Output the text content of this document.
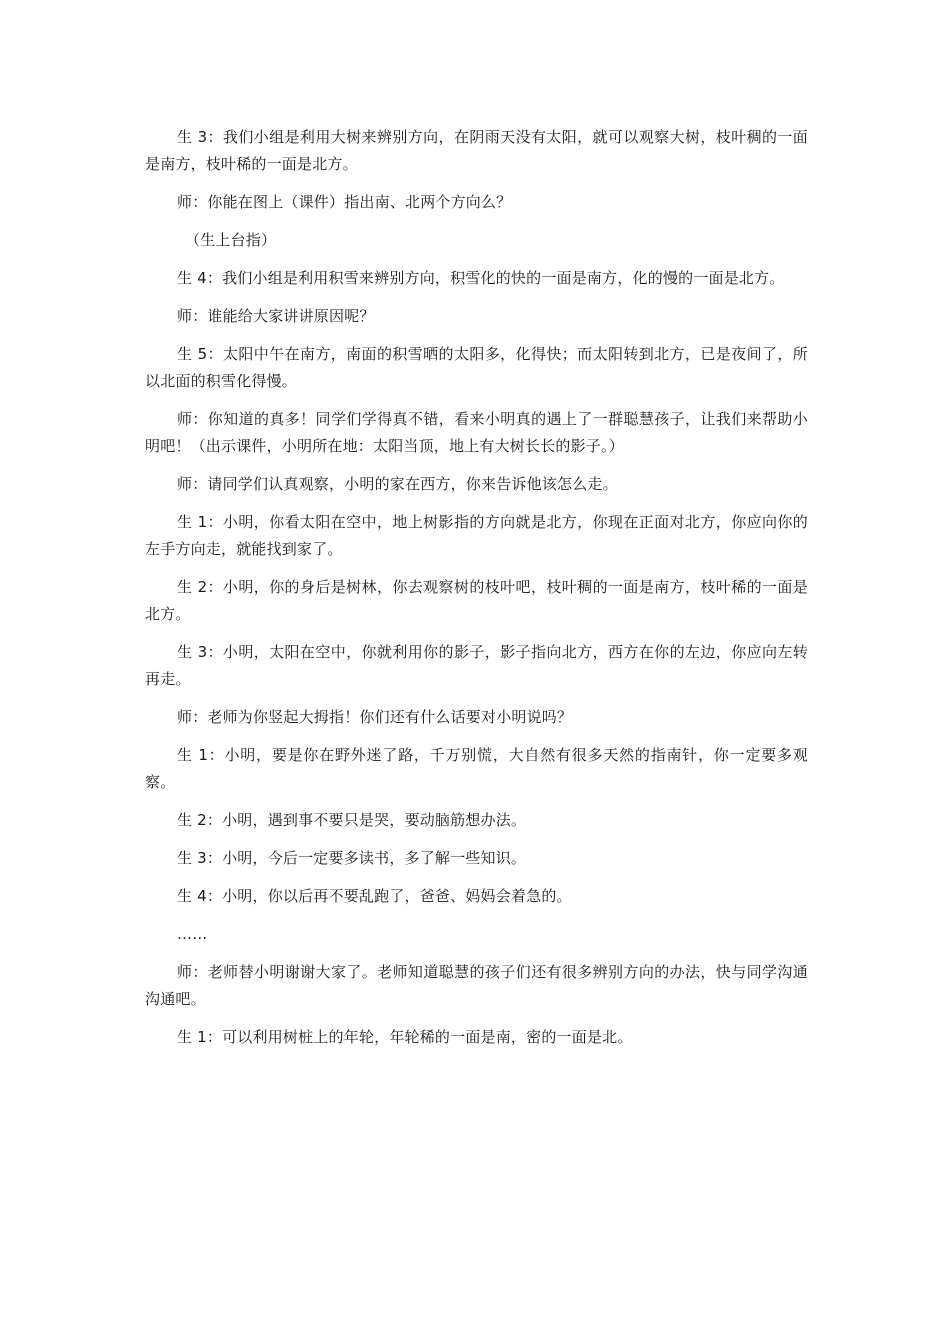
生 3：我们小组是利用大树来辨别方向，在阴雨天没有太阳，就可以观察大树，枝叶稠的一面是南方，枝叶稀的一面是北方。

师：你能在图上（课件）指出南、北两个方向么？

（生上台指）

生 4：我们小组是利用积雪来辨别方向，积雪化的快的一面是南方，化的慢的一面是北方。

师：谁能给大家讲讲原因呢？

生 5：太阳中午在南方，南面的积雪晒的太阳多，化得快；而太阳转到北方，已是夜间了，所以北面的积雪化得慢。

师：你知道的真多！同学们学得真不错，看来小明真的遇上了一群聪慧孩子，让我们来帮助小明吧！（出示课件，小明所在地：太阳当顶，地上有大树长长的影子。）

师：请同学们认真观察，小明的家在西方，你来告诉他该怎么走。

生 1：小明，你看太阳在空中，地上树影指的方向就是北方，你现在正面对北方，你应向你的左手方向走，就能找到家了。

生 2：小明，你的身后是树林，你去观察树的枝叶吧，枝叶稠的一面是南方，枝叶稀的一面是北方。

生 3：小明，太阳在空中，你就利用你的影子，影子指向北方，西方在你的左边，你应向左转再走。

师：老师为你竖起大拇指！你们还有什么话要对小明说吗？

生 1：小明，要是你在野外迷了路，千万别慌，大自然有很多天然的指南针，你一定要多观察。

生 2：小明，遇到事不要只是哭，要动脑筋想办法。

生 3：小明，今后一定要多读书，多了解一些知识。

生 4：小明，你以后再不要乱跑了，爸爸、妈妈会着急的。

……

师：老师替小明谢谢大家了。老师知道聪慧的孩子们还有很多辨别方向的办法，快与同学沟通沟通吧。

生 1：可以利用树桩上的年轮，年轮稀的一面是南，密的一面是北。
